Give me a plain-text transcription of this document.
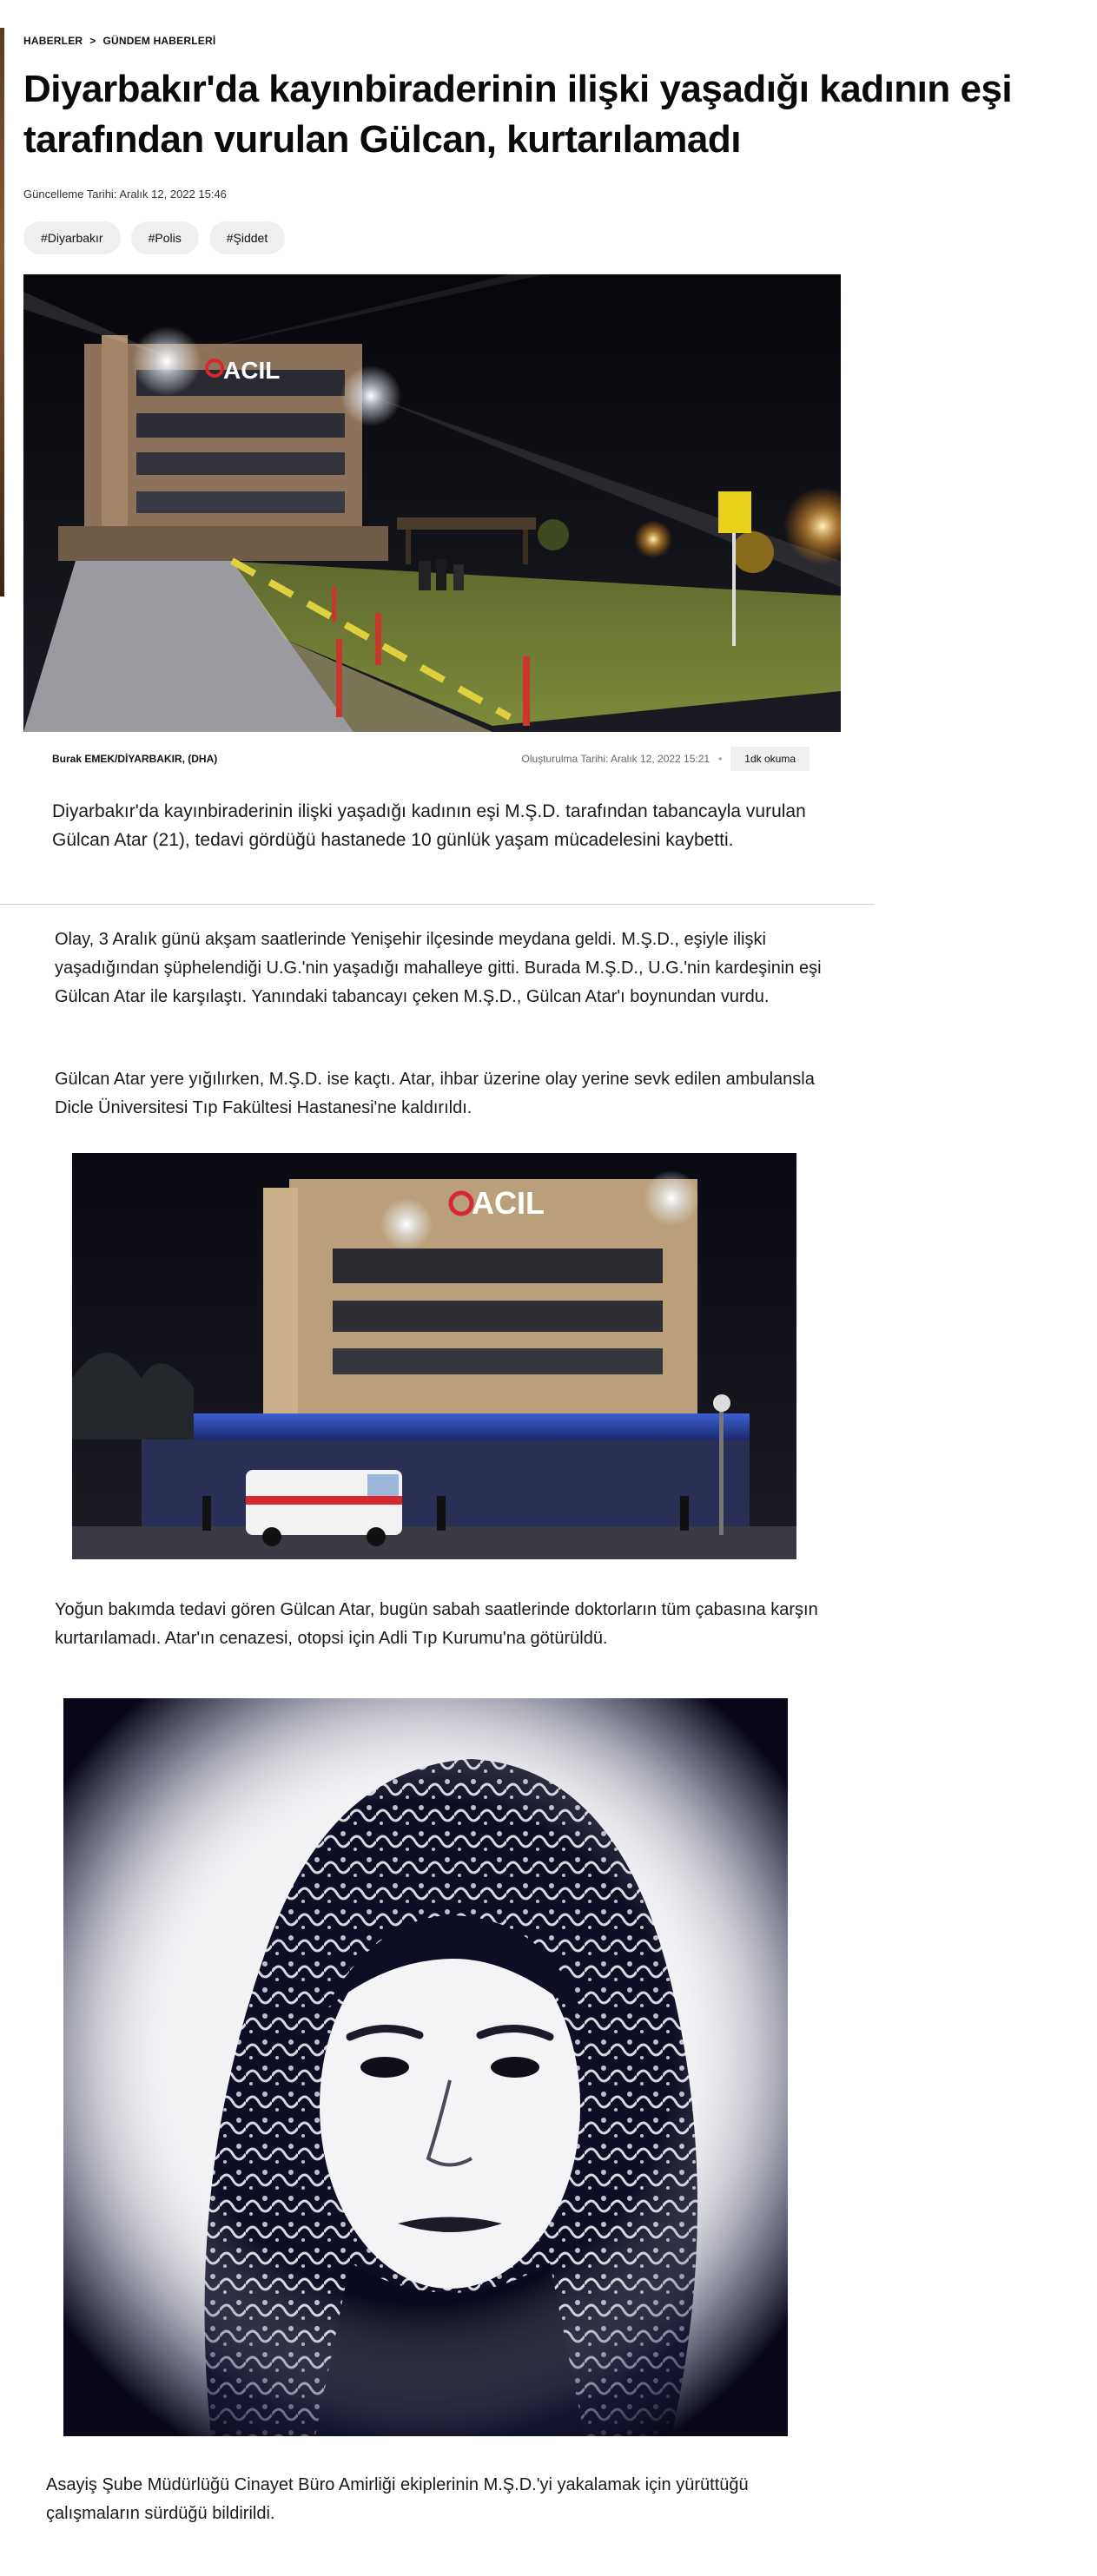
HABERLER > GÜNDEM HABERLERİ
Diyarbakır'da kayınbiraderinin ilişki yaşadığı kadının eşi tarafından vurulan Gülcan, kurtarılamadı
Güncelleme Tarihi: Aralık 12, 2022 15:46
#Diyarbakır	#Polis	#Şiddet
ACIL
Burak EMEK/DİYARBAKIR, (DHA)	Oluşturulma Tarihi: Aralık 12, 2022 15:21 •	1dk okuma

Diyarbakır'da kayınbiraderinin ilişki yaşadığı kadının eşi M.Ş.D. tarafından tabancayla vurulan Gülcan Atar (21), tedavi gördüğü hastanede 10 günlük yaşam mücadelesini kaybetti.

Olay, 3 Aralık günü akşam saatlerinde Yenişehir ilçesinde meydana geldi. M.Ş.D., eşiyle ilişki yaşadığından şüphelendiği U.G.'nin yaşadığı mahalleye gitti. Burada M.Ş.D., U.G.'nin kardeşinin eşi Gülcan Atar ile karşılaştı. Yanındaki tabancayı çeken M.Ş.D., Gülcan Atar'ı boynundan vurdu.

Gülcan Atar yere yığılırken, M.Ş.D. ise kaçtı. Atar, ihbar üzerine olay yerine sevk edilen ambulansla Dicle Üniversitesi Tıp Fakültesi Hastanesi'ne kaldırıldı.

ACIL

Yoğun bakımda tedavi gören Gülcan Atar, bugün sabah saatlerinde doktorların tüm çabasına karşın kurtarılamadı. Atar'ın cenazesi, otopsi için Adli Tıp Kurumu'na götürüldü.

Asayiş Şube Müdürlüğü Cinayet Büro Amirliği ekiplerinin M.Ş.D.'yi yakalamak için yürüttüğü çalışmaların sürdüğü bildirildi.
